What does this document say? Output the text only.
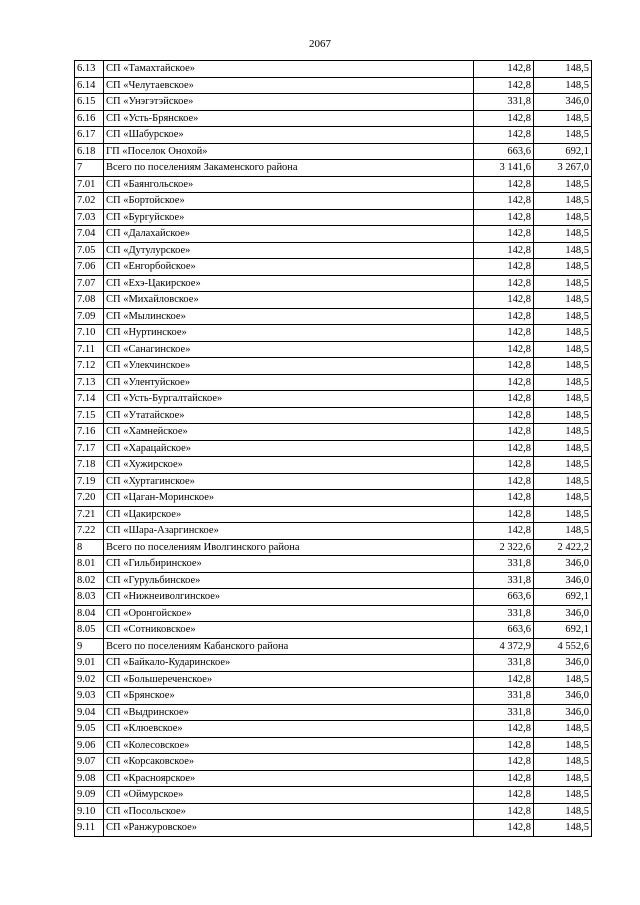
2067
6.13	СП «Тамахтайское»	142,8	148,5
6.14	СП «Челутаевское»	142,8	148,5
6.15	СП «Унэгэтэйское»	331,8	346,0
6.16	СП «Усть-Брянское»	142,8	148,5
6.17	СП «Шабурское»	142,8	148,5
6.18	ГП «Поселок Онохой»	663,6	692,1
7	Всего по поселениям Закаменского района	3 141,6	3 267,0
7.01	СП «Баянгольское»	142,8	148,5
7.02	СП «Бортойское»	142,8	148,5
7.03	СП «Бургуйское»	142,8	148,5
7.04	СП «Далахайское»	142,8	148,5
7.05	СП «Дутулурское»	142,8	148,5
7.06	СП «Енгорбойское»	142,8	148,5
7.07	СП «Ехэ-Цакирское»	142,8	148,5
7.08	СП «Михайловское»	142,8	148,5
7.09	СП «Мылинское»	142,8	148,5
7.10	СП «Нуртинское»	142,8	148,5
7.11	СП «Санагинское»	142,8	148,5
7.12	СП «Улекчинское»	142,8	148,5
7.13	СП «Улентуйское»	142,8	148,5
7.14	СП «Усть-Бургалтайское»	142,8	148,5
7.15	СП «Утатайское»	142,8	148,5
7.16	СП «Хамнейское»	142,8	148,5
7.17	СП «Харацайское»	142,8	148,5
7.18	СП «Хужирское»	142,8	148,5
7.19	СП «Хуртагинское»	142,8	148,5
7.20	СП «Цаган-Моринское»	142,8	148,5
7.21	СП «Цакирское»	142,8	148,5
7.22	СП «Шара-Азаргинское»	142,8	148,5
8	Всего по поселениям Иволгинского района	2 322,6	2 422,2
8.01	СП «Гильбиринское»	331,8	346,0
8.02	СП «Гурульбинское»	331,8	346,0
8.03	СП «Нижнеиволгинское»	663,6	692,1
8.04	СП «Оронгойское»	331,8	346,0
8.05	СП «Сотниковское»	663,6	692,1
9	Всего по поселениям Кабанского района	4 372,9	4 552,6
9.01	СП «Байкало-Кударинское»	331,8	346,0
9.02	СП «Большереченское»	142,8	148,5
9.03	СП «Брянское»	331,8	346,0
9.04	СП «Выдринское»	331,8	346,0
9.05	СП «Клюевское»	142,8	148,5
9.06	СП «Колесовское»	142,8	148,5
9.07	СП «Корсаковское»	142,8	148,5
9.08	СП «Красноярское»	142,8	148,5
9.09	СП «Оймурское»	142,8	148,5
9.10	СП «Посольское»	142,8	148,5
9.11	СП «Ранжуровское»	142,8	148,5
